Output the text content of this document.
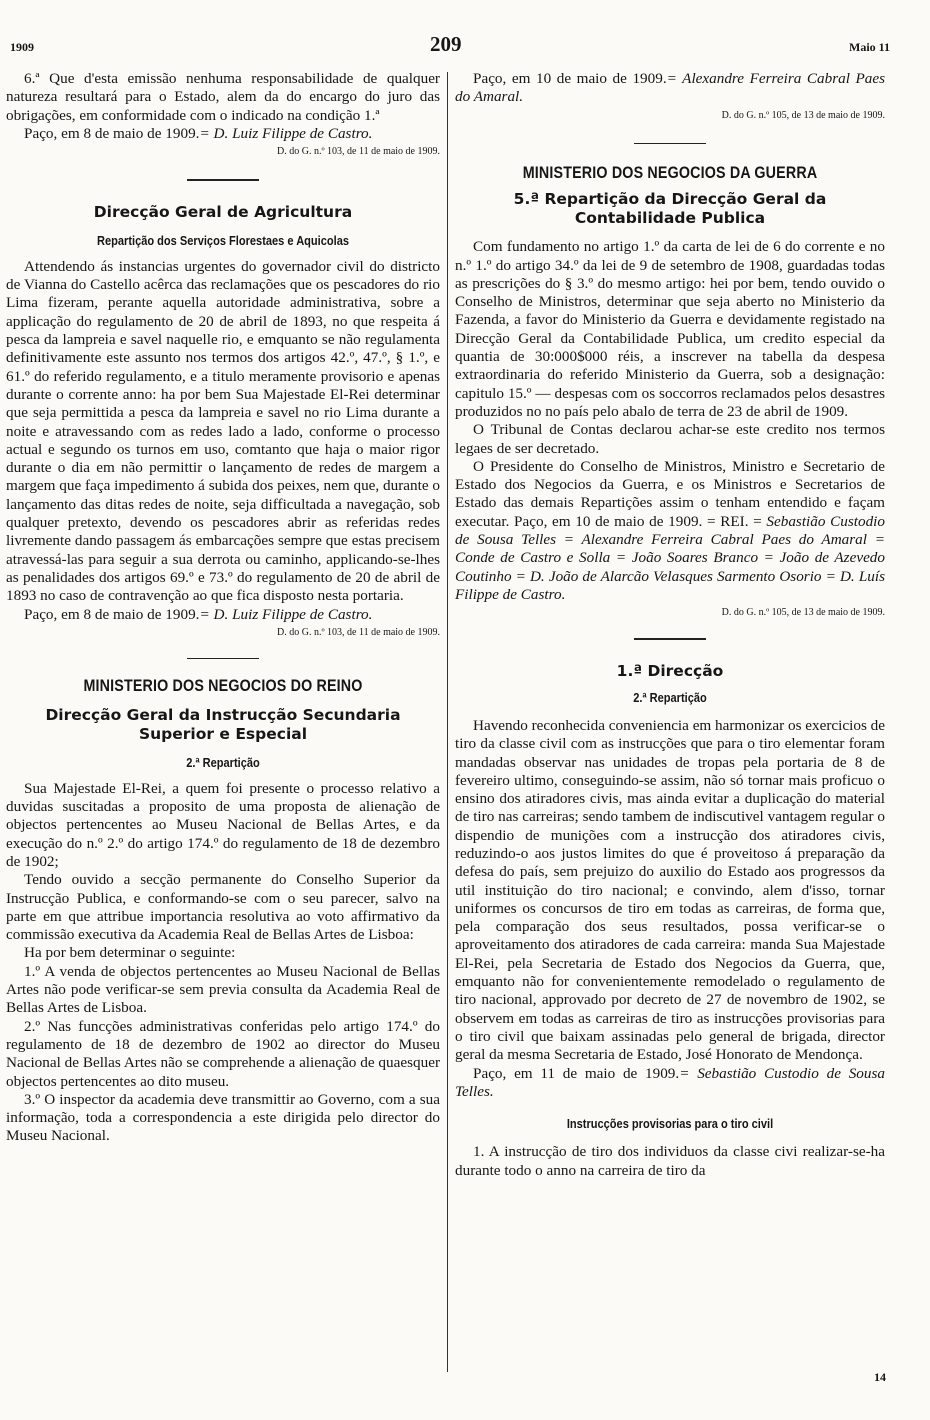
1909	209	Maio 11

6.ª Que d'esta emissão nenhuma responsabilidade de qualquer natureza resultará para o Estado, alem da do encargo do juro das obrigações, em conformidade com o indicado na condição 1.ª

Paço, em 8 de maio de 1909.= D. Luiz Filippe de Castro.

D. do G. n.º 103, de 11 de maio de 1909.

Direcção Geral de Agricultura
Repartição dos Serviços Florestaes e Aquicolas

Attendendo ás instancias urgentes do governador civil do districto de Vianna do Castello acêrca das reclamações que os pescadores do rio Lima fizeram, perante aquella autoridade administrativa, sobre a applicação do regulamento de 20 de abril de 1893, no que respeita á pesca da lampreia e savel naquelle rio, e emquanto se não regulamenta definitivamente este assunto nos termos dos artigos 42.º, 47.º, § 1.º, e 61.º do referido regulamento, e a titulo meramente provisorio e apenas durante o corrente anno: ha por bem Sua Majestade El-Rei determinar que seja permittida a pesca da lampreia e savel no rio Lima durante a noite e atravessando com as redes lado a lado, conforme o processo actual e segundo os turnos em uso, comtanto que haja o maior rigor durante o dia em não permittir o lançamento de redes de margem a margem que faça impedimento á subida dos peixes, nem que, durante o lançamento das ditas redes de noite, seja difficultada a navegação, sob qualquer pretexto, devendo os pescadores abrir as referidas redes livremente dando passagem ás embarcações sempre que estas precisem atravessá-las para seguir a sua derrota ou caminho, applicando-se-lhes as penalidades dos artigos 69.º e 73.º do regulamento de 20 de abril de 1893 no caso de contravenção ao que fica disposto nesta portaria.

Paço, em 8 de maio de 1909.= D. Luiz Filippe de Castro.

D. do G. n.º 103, de 11 de maio de 1909.

MINISTERIO DOS NEGOCIOS DO REINO
Direcção Geral da Instrucção Secundaria Superior e Especial
2.ª Repartição

Sua Majestade El-Rei, a quem foi presente o processo relativo a duvidas suscitadas a proposito de uma proposta de alienação de objectos pertencentes ao Museu Nacional de Bellas Artes, e da execução do n.º 2.º do artigo 174.º do regulamento de 18 de dezembro de 1902;

Tendo ouvido a secção permanente do Conselho Superior da Instrucção Publica, e conformando-se com o seu parecer, salvo na parte em que attribue importancia resolutiva ao voto affirmativo da commissão executiva da Academia Real de Bellas Artes de Lisboa:

Ha por bem determinar o seguinte:

1.º A venda de objectos pertencentes ao Museu Nacional de Bellas Artes não pode verificar-se sem previa consulta da Academia Real de Bellas Artes de Lisboa.

2.º Nas funcções administrativas conferidas pelo artigo 174.º do regulamento de 18 de dezembro de 1902 ao director do Museu Nacional de Bellas Artes não se comprehende a alienação de quaesquer objectos pertencentes ao dito museu.

3.º O inspector da academia deve transmittir ao Governo, com a sua informação, toda a correspondencia a este dirigida pelo director do Museu Nacional.

Paço, em 10 de maio de 1909.= Alexandre Ferreira Cabral Paes do Amaral.

D. do G. n.º 105, de 13 de maio de 1909.

MINISTERIO DOS NEGOCIOS DA GUERRA
5.ª Repartição da Direcção Geral da Contabilidade Publica

Com fundamento no artigo 1.º da carta de lei de 6 do corrente e no n.º 1.º do artigo 34.º da lei de 9 de setembro de 1908, guardadas todas as prescrições do § 3.º do mesmo artigo: hei por bem, tendo ouvido o Conselho de Ministros, determinar que seja aberto no Ministerio da Fazenda, a favor do Ministerio da Guerra e devidamente registado na Direcção Geral da Contabilidade Publica, um credito especial da quantia de 30:000$000 réis, a inscrever na tabella da despesa extraordinaria do referido Ministerio da Guerra, sob a designação: capitulo 15.º — despesas com os soccorros reclamados pelos desastres produzidos no no país pelo abalo de terra de 23 de abril de 1909.

O Tribunal de Contas declarou achar-se este credito nos termos legaes de ser decretado.

O Presidente do Conselho de Ministros, Ministro e Secretario de Estado dos Negocios da Guerra, e os Ministros e Secretarios de Estado das demais Repartições assim o tenham entendido e façam executar. Paço, em 10 de maio de 1909. = REI. = Sebastião Custodio de Sousa Telles = Alexandre Ferreira Cabral Paes do Amaral = Conde de Castro e Solla = João Soares Branco = João de Azevedo Coutinho = D. João de Alarcão Velasques Sarmento Osorio = D. Luís Filippe de Castro.

D. do G. n.º 105, de 13 de maio de 1909.

1.ª Direcção
2.ª Repartição

Havendo reconhecida conveniencia em harmonizar os exercicios de tiro da classe civil com as instrucções que para o tiro elementar foram mandadas observar nas unidades de tropas pela portaria de 8 de fevereiro ultimo, conseguindo-se assim, não só tornar mais proficuo o ensino dos atiradores civis, mas ainda evitar a duplicação do material de tiro nas carreiras; sendo tambem de indiscutivel vantagem regular o dispendio de munições com a instrucção dos atiradores civis, reduzindo-o aos justos limites do que é proveitoso á preparação da defesa do país, sem prejuizo do auxilio do Estado aos progressos da util instituição do tiro nacional; e convindo, alem d'isso, tornar uniformes os concursos de tiro em todas as carreiras, de forma que, pela comparação dos seus resultados, possa verificar-se o aproveitamento dos atiradores de cada carreira: manda Sua Majestade El-Rei, pela Secretaria de Estado dos Negocios da Guerra, que, emquanto não for convenientemente remodelado o regulamento de tiro nacional, approvado por decreto de 27 de novembro de 1902, se observem em todas as carreiras de tiro as instrucções provisorias para o tiro civil que baixam assinadas pelo general de brigada, director geral da mesma Secretaria de Estado, José Honorato de Mendonça.

Paço, em 11 de maio de 1909.= Sebastião Custodio de Sousa Telles.

Instrucções provisorias para o tiro civil

1. A instrucção de tiro dos individuos da classe civi realizar-se-ha durante todo o anno na carreira de tiro da

14
